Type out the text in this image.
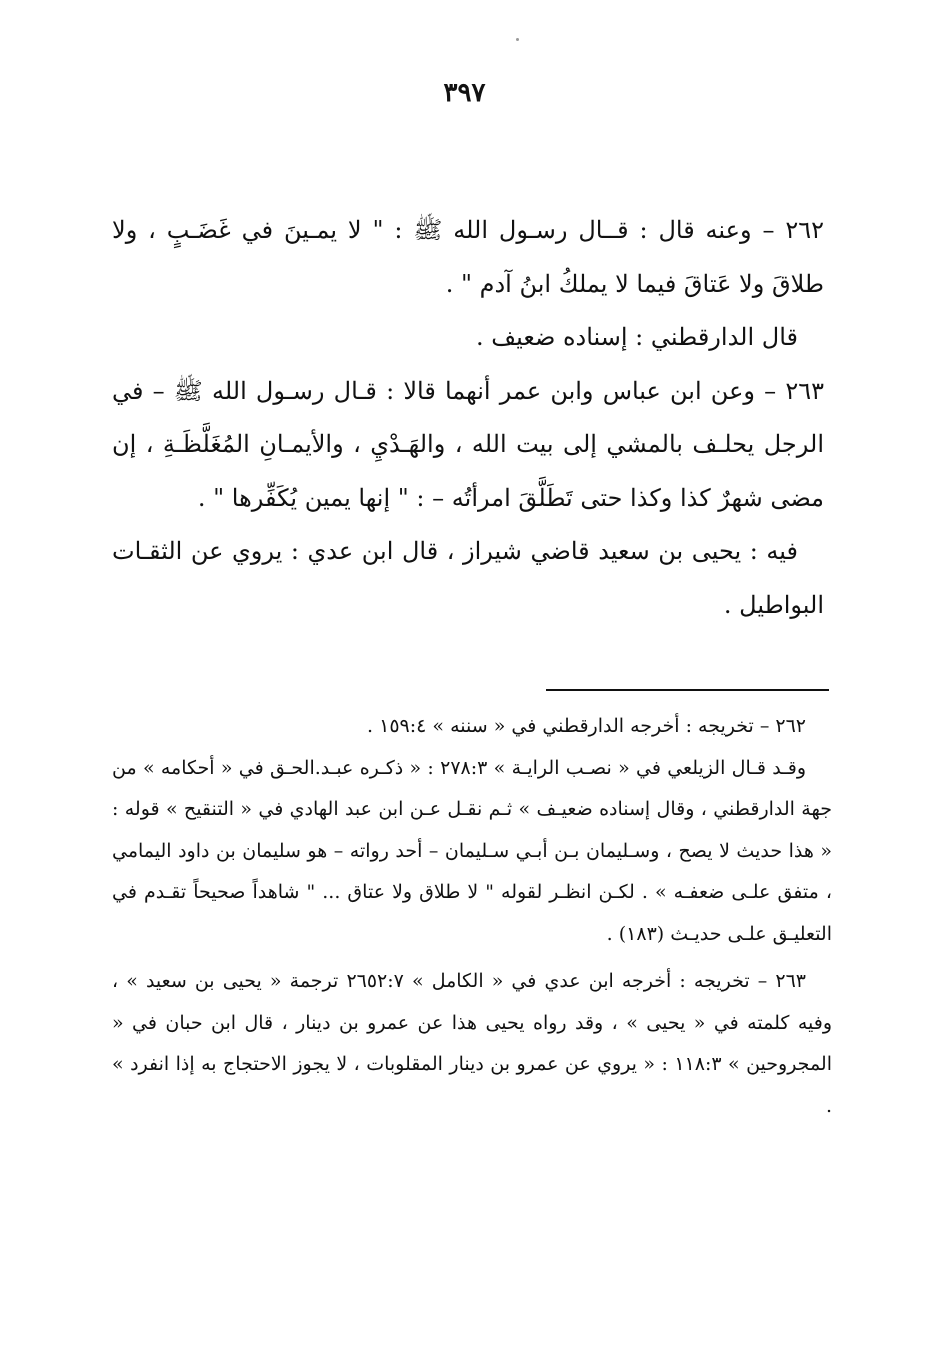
٣٩٧

٢٦٢ – وعنه قال : قــال رسـول الله ﷺ : " لا يمـينَ في غَضَـبٍ ، ولا طلاقَ ولا عَتاقَ فيما لا يملكُ ابنُ آدم " .

قال الدارقطني : إسناده ضعيف .

٢٦٣ – وعن ابن عباس وابن عمر أنهما قالا : قـال رسـول الله ﷺ – في الرجل يحلـف بالمشي إلى بيت الله ، والهَـدْيِ ، والأيمـانِ المُغَلَّظَـةِ ، إن مضى شهرٌ كذا وكذا حتى تَطَلَّقَ امرأتُه – : " إنها يمين يُكَفِّرها " .

فيه : يحيى بن سعيد قاضي شيراز ، قال ابن عدي : يروي عن الثقـات البواطيل .

٢٦٢ – تخريجه : أخرجه الدارقطني في « سننه » ١٥٩:٤ .

وقـد قـال الزيلعي في « نصـب الرايـة » ٢٧٨:٣ : « ذكـره عبـد.الحـق في « أحكامه » من جهة الدارقطني ، وقال إسناده ضعيـف » ثـم نقـل عـن ابن عبد الهادي في « التنقيح » قوله : « هذا حديث لا يصح ، وسـليمان بـن أبـي سـليمان – أحد رواته – هو سليمان بن داود اليمامي ، متفق علـى ضعفـه » . لكـن انظـر لقوله " لا طلاق ولا عتاق ... " شاهداً صحيحاً تقـدم في التعليـق علـى حديـث (١٨٣) .

٢٦٣ – تخريجه : أخرجه ابن عدي في « الكامل » ٢٦٥٢:٧ ترجمة « يحيى بن سعيد » ، وفيه كلمته في « يحيى » ، وقد رواه يحيى هذا عن عمرو بن دينار ، قال ابن حبان في « المجروحين » ١١٨:٣ : « يروي عن عمرو بن دينار المقلوبات ، لا يجوز الاحتجاج به إذا انفرد » .
